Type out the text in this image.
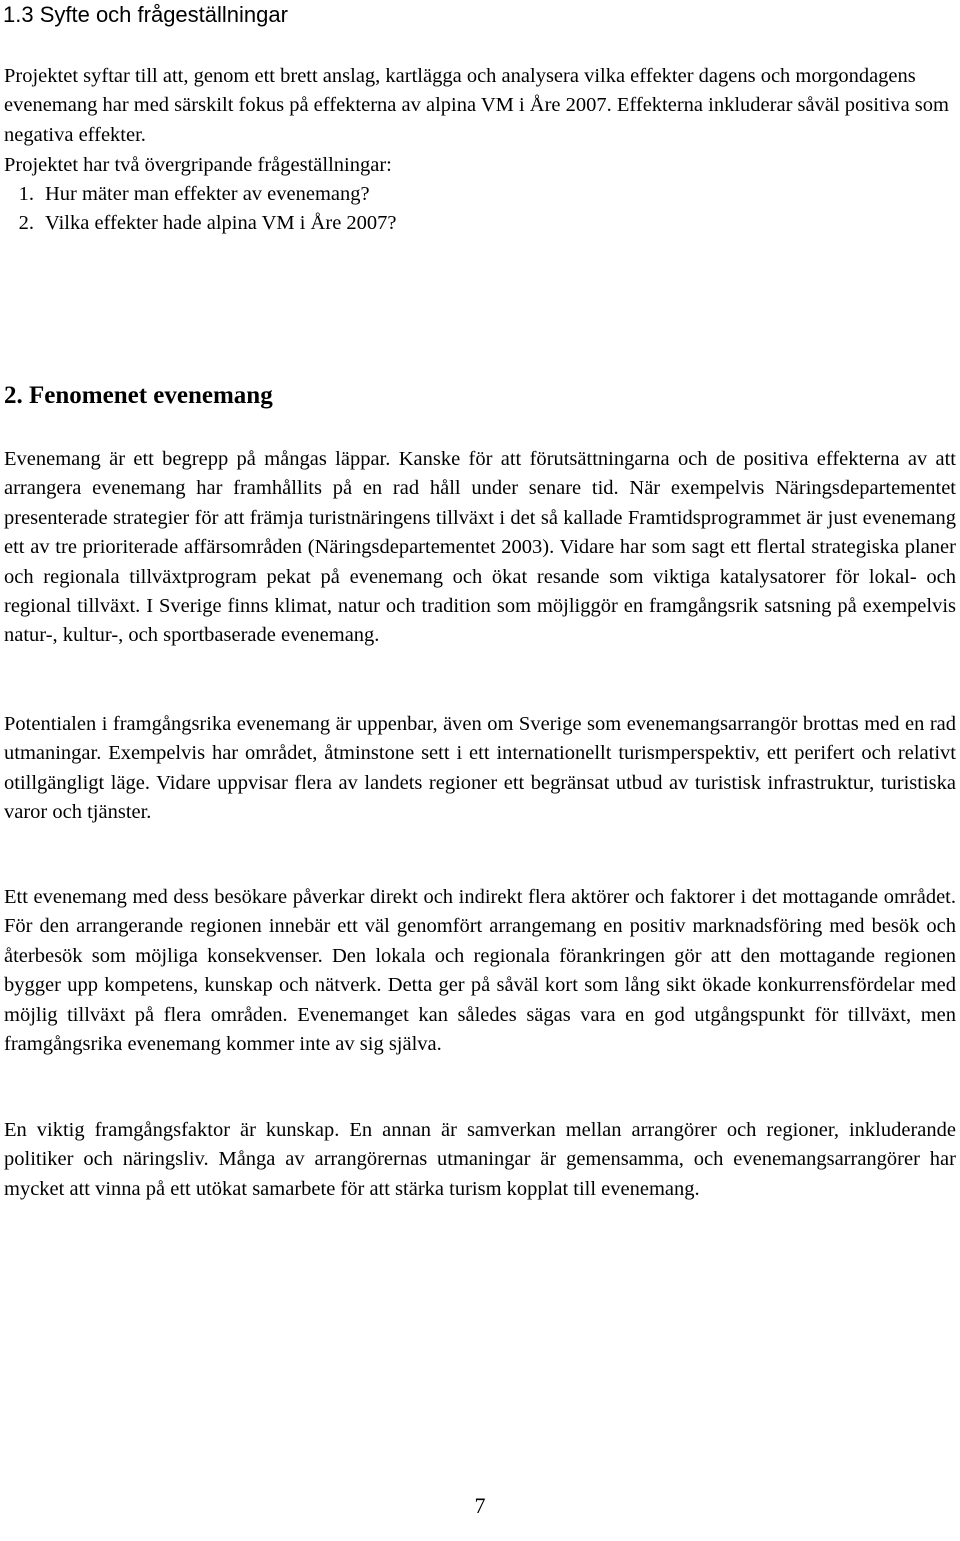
1.3 Syfte och frågeställningar

Projektet syftar till att, genom ett brett anslag, kartlägga och analysera vilka effekter dagens och morgondagens evenemang har med särskilt fokus på effekterna av alpina VM i Åre 2007. Effekterna inkluderar såväl positiva som negativa effekter.

Projektet har två övergripande frågeställningar:

1. Hur mäter man effekter av evenemang?
2. Vilka effekter hade alpina VM i Åre 2007?
2. Fenomenet evenemang

Evenemang är ett begrepp på mångas läppar. Kanske för att förutsättningarna och de positiva effekterna av att arrangera evenemang har framhållits på en rad håll under senare tid. När exempelvis Näringsdepartementet presenterade strategier för att främja turistnäringens tillväxt i det så kallade Framtidsprogrammet är just evenemang ett av tre prioriterade affärsområden (Näringsdepartementet 2003). Vidare har som sagt ett flertal strategiska planer och regionala tillväxtprogram pekat på evenemang och ökat resande som viktiga katalysatorer för lokal- och regional tillväxt. I Sverige finns klimat, natur och tradition som möjliggör en framgångsrik satsning på exempelvis natur-, kultur-, och sportbaserade evenemang.

Potentialen i framgångsrika evenemang är uppenbar, även om Sverige som evenemangsarrangör brottas med en rad utmaningar. Exempelvis har området, åtminstone sett i ett internationellt turismperspektiv, ett perifert och relativt otillgängligt läge. Vidare uppvisar flera av landets regioner ett begränsat utbud av turistisk infrastruktur, turistiska varor och tjänster.

Ett evenemang med dess besökare påverkar direkt och indirekt flera aktörer och faktorer i det mottagande området. För den arrangerande regionen innebär ett väl genomfört arrangemang en positiv marknadsföring med besök och återbesök som möjliga konsekvenser. Den lokala och regionala förankringen gör att den mottagande regionen bygger upp kompetens, kunskap och nätverk. Detta ger på såväl kort som lång sikt ökade konkurrensfördelar med möjlig tillväxt på flera områden. Evenemanget kan således sägas vara en god utgångspunkt för tillväxt, men framgångsrika evenemang kommer inte av sig själva.

En viktig framgångsfaktor är kunskap. En annan är samverkan mellan arrangörer och regioner, inkluderande politiker och näringsliv. Många av arrangörernas utmaningar är gemensamma, och evenemangsarrangörer har mycket att vinna på ett utökat samarbete för att stärka turism kopplat till evenemang.

7
